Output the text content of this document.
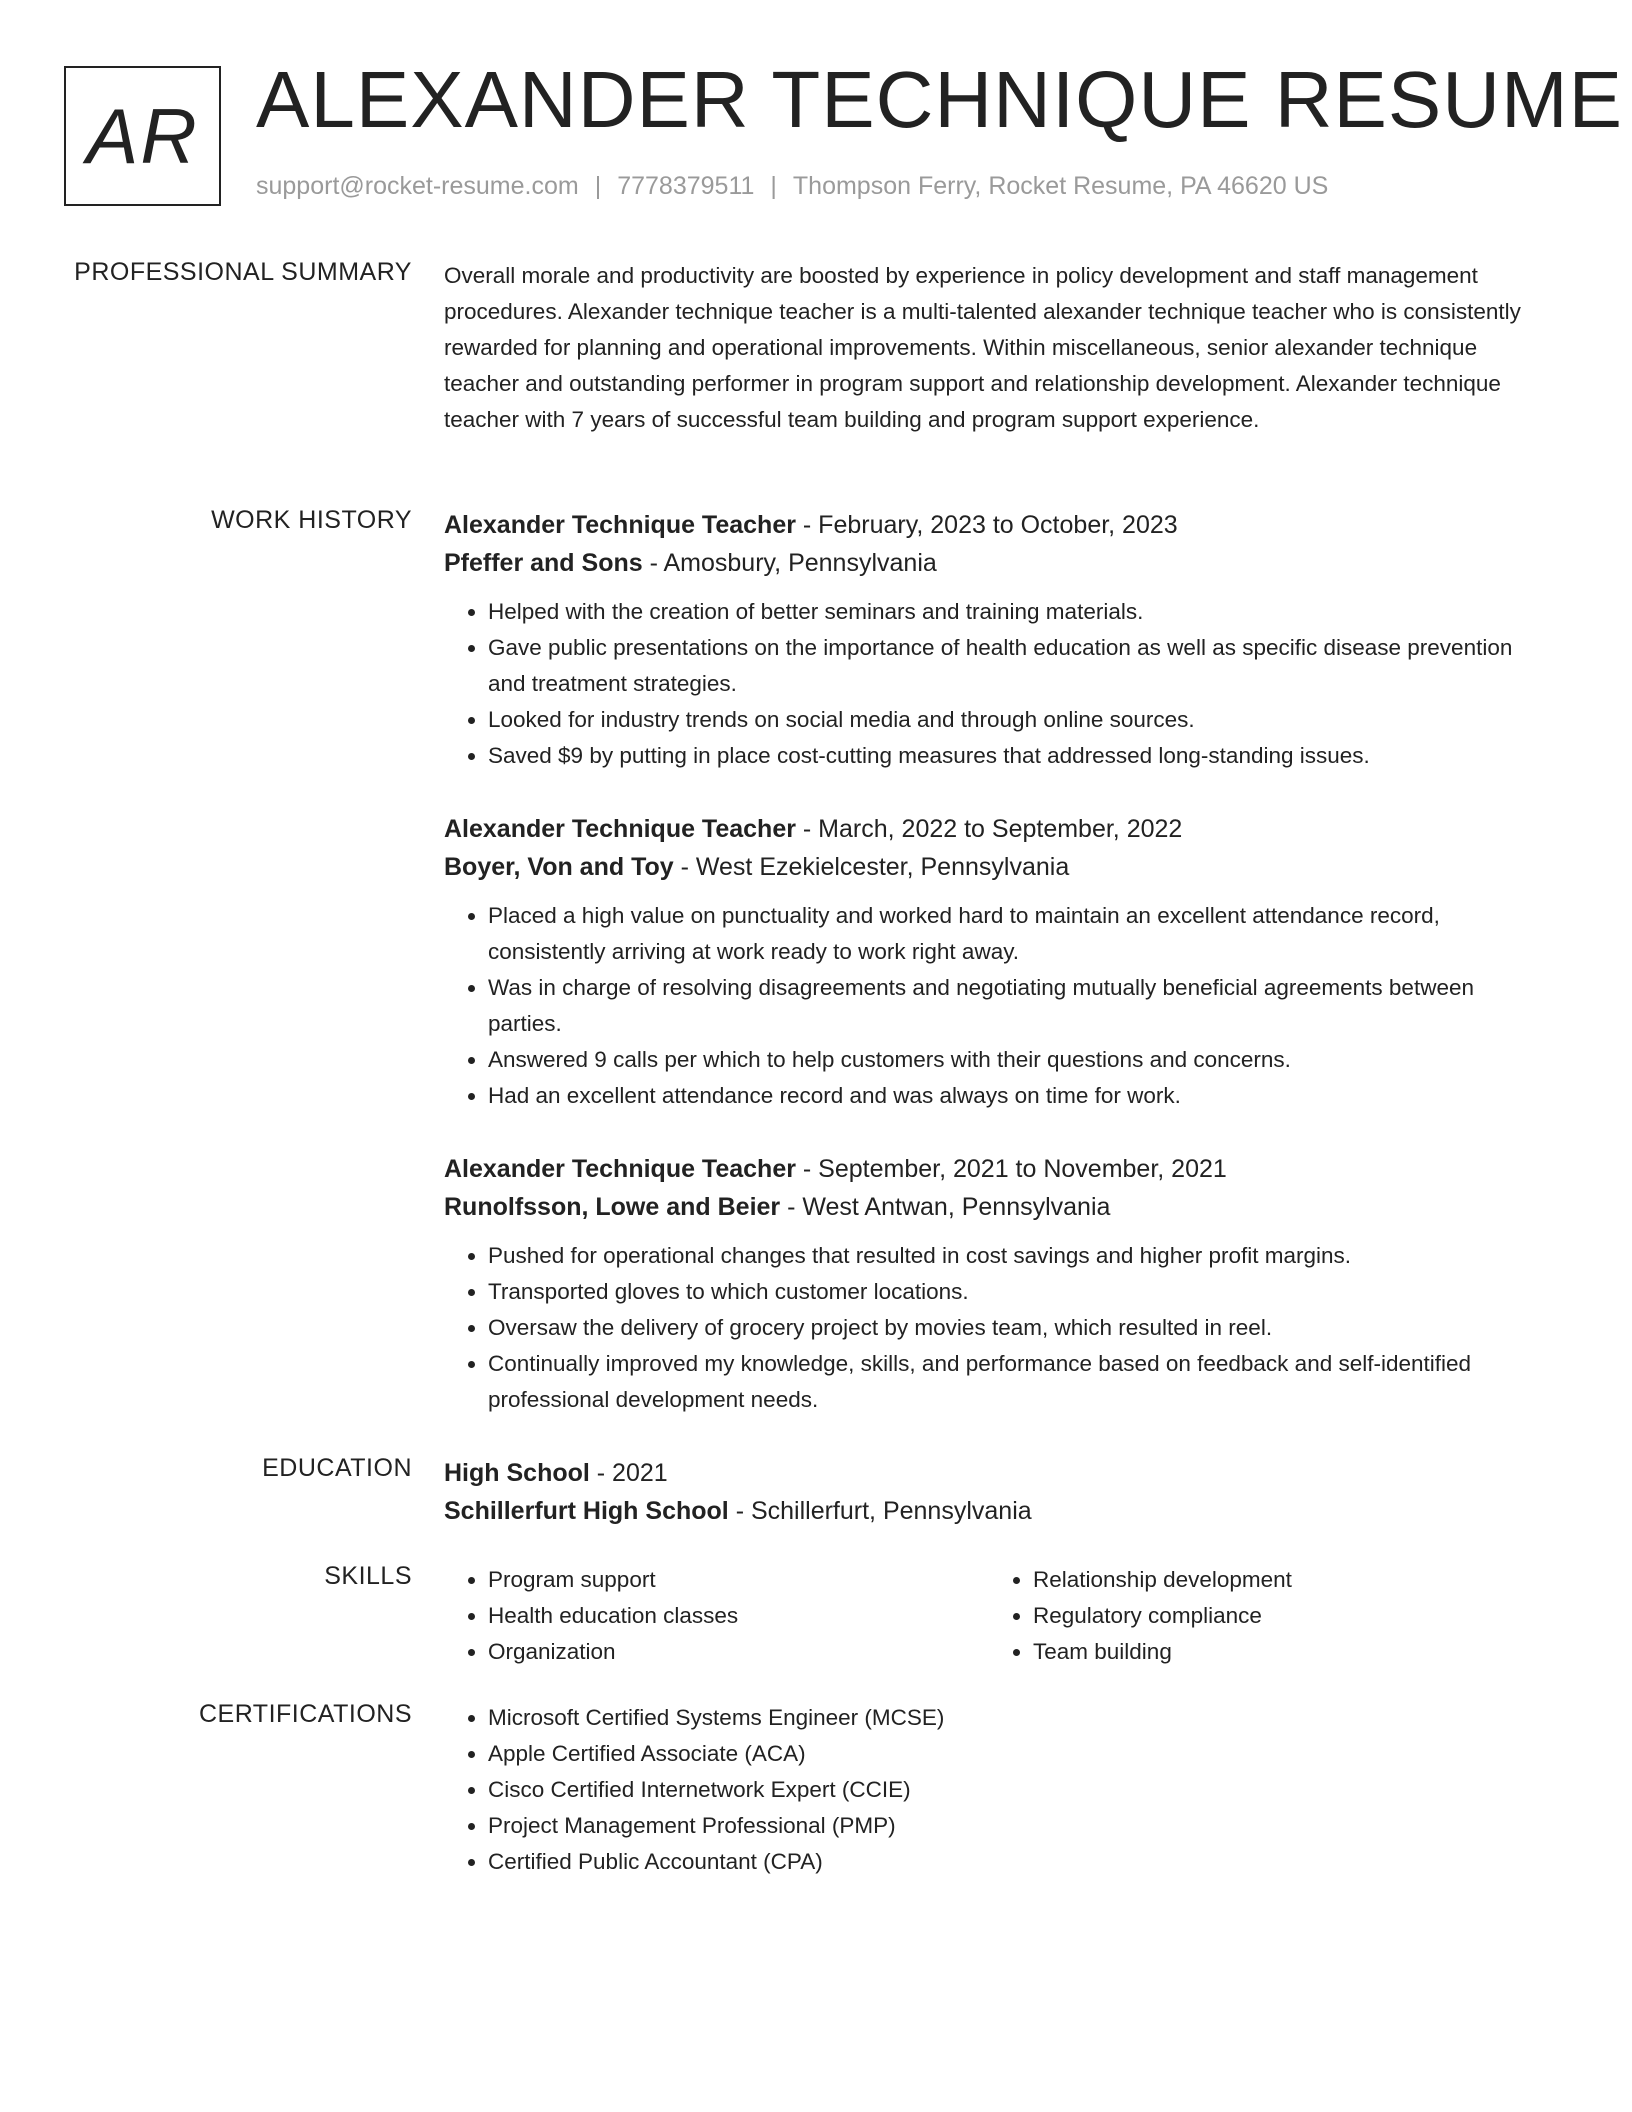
AR ALEXANDER TECHNIQUE RESUME
support@rocket-resume.com | 7778379511 | Thompson Ferry, Rocket Resume, PA 46620 US
PROFESSIONAL SUMMARY Overall morale and productivity are boosted by experience in policy development and staff management procedures. Alexander technique teacher is a multi-talented alexander technique teacher who is consistently rewarded for planning and operational improvements. Within miscellaneous, senior alexander technique teacher and outstanding performer in program support and relationship development. Alexander technique teacher with 7 years of successful team building and program support experience.

WORK HISTORY Alexander Technique Teacher - February, 2023 to October, 2023
Pfeffer and Sons - Amosbury, Pennsylvania
• Helped with the creation of better seminars and training materials.
• Gave public presentations on the importance of health education as well as specific disease prevention and treatment strategies.
• Looked for industry trends on social media and through online sources.
• Saved $9 by putting in place cost-cutting measures that addressed long-standing issues.
Alexander Technique Teacher - March, 2022 to September, 2022
Boyer, Von and Toy - West Ezekielcester, Pennsylvania
• Placed a high value on punctuality and worked hard to maintain an excellent attendance record, consistently arriving at work ready to work right away.
• Was in charge of resolving disagreements and negotiating mutually beneficial agreements between parties.
• Answered 9 calls per which to help customers with their questions and concerns.
• Had an excellent attendance record and was always on time for work.
Alexander Technique Teacher - September, 2021 to November, 2021
Runolfsson, Lowe and Beier - West Antwan, Pennsylvania
• Pushed for operational changes that resulted in cost savings and higher profit margins.
• Transported gloves to which customer locations.
• Oversaw the delivery of grocery project by movies team, which resulted in reel.
• Continually improved my knowledge, skills, and performance based on feedback and self-identified professional development needs.
EDUCATION High School - 2021
Schillerfurt High School - Schillerfurt, Pennsylvania
SKILLS	• Program support
• Health education classes
• Organization
• Relationship development
• Regulatory compliance
• Team building
CERTIFICATIONS	• Microsoft Certified Systems Engineer (MCSE)
• Apple Certified Associate (ACA)
• Cisco Certified Internetwork Expert (CCIE)
• Project Management Professional (PMP)
• Certified Public Accountant (CPA)
